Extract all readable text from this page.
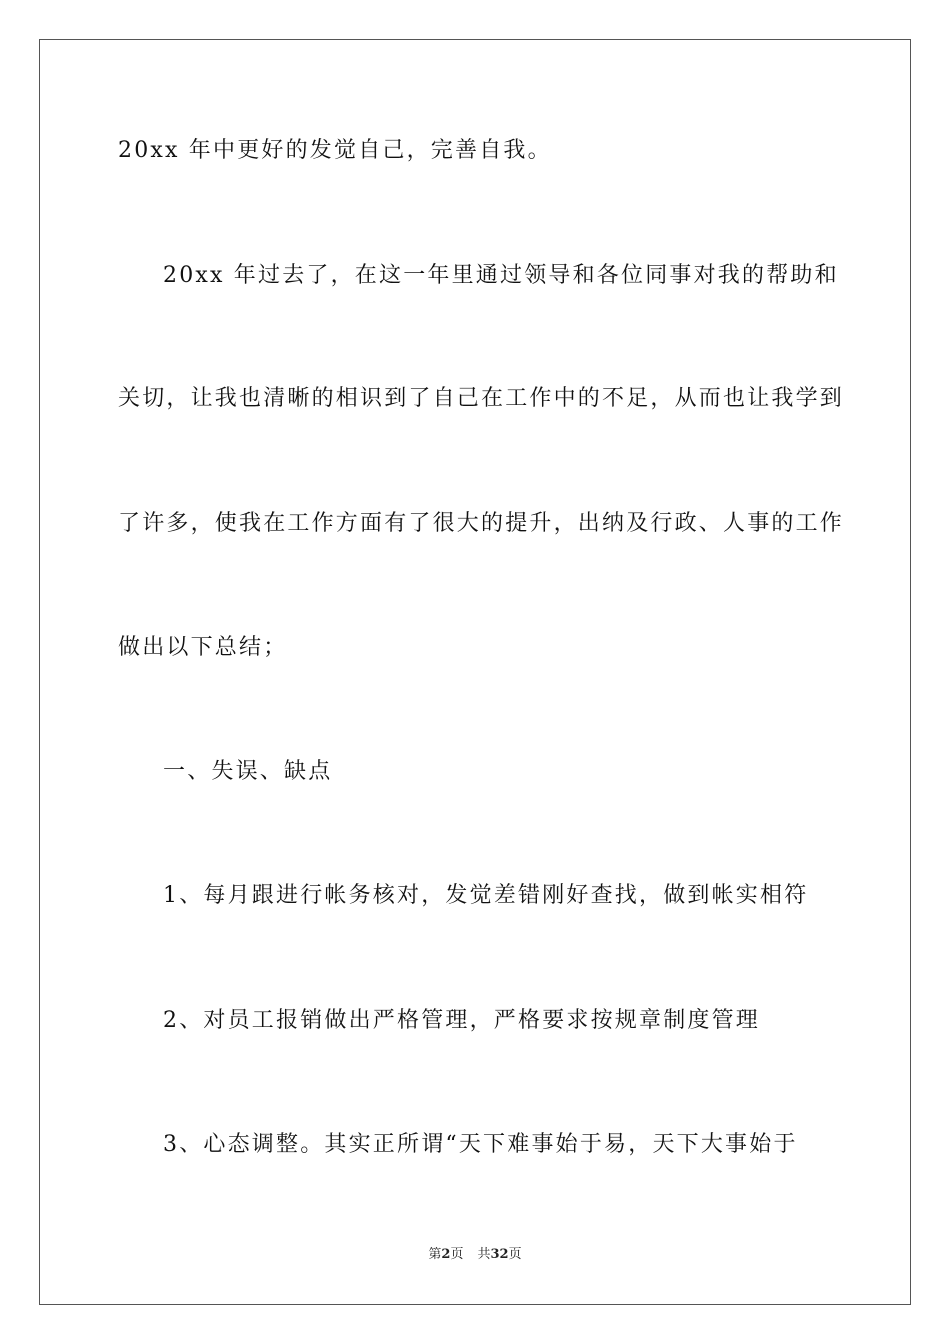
20xx 年中更好的发觉自己，完善自我。
20xx 年过去了，在这一年里通过领导和各位同事对我的帮助和
关切，让我也清晰的相识到了自己在工作中的不足，从而也让我学到
了许多，使我在工作方面有了很大的提升，出纳及行政、人事的工作
做出以下总结；
一、失误、缺点
1、每月跟进行帐务核对，发觉差错刚好查找，做到帐实相符
2、对员工报销做出严格管理，严格要求按规章制度管理
3、心态调整。其实正所谓“天下难事始于易，天下大事始于
第2页 共32页
